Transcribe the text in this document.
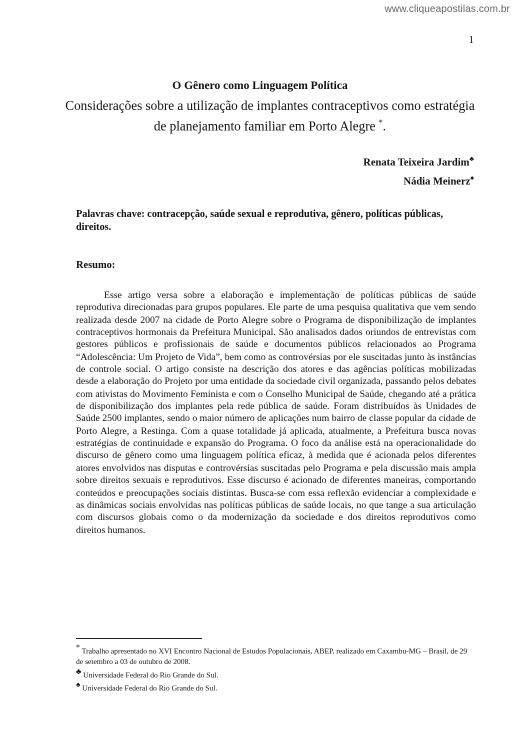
www.cliqueapostilas.com.br
1
O Gênero como Linguagem Política
Considerações sobre a utilização de implantes contraceptivos como estratégia de planejamento familiar em Porto Alegre *.
Renata Teixeira Jardim♣
Nádia Meinerz♠
Palavras chave: contracepção, saúde sexual e reprodutiva, gênero, políticas públicas, direitos.
Resumo:

Esse artigo versa sobre a elaboração e implementação de políticas públicas de saúde reprodutiva direcionadas para grupos populares. Ele parte de uma pesquisa qualitativa que vem sendo realizada desde 2007 na cidade de Porto Alegre sobre o Programa de disponibilização de implantes contraceptivos hormonais da Prefeitura Municipal. São analisados dados oriundos de entrevistas com gestores públicos e profissionais de saúde e documentos públicos relacionados ao Programa “Adolescência: Um Projeto de Vida”, bem como as controvérsias por ele suscitadas junto às instâncias de controle social. O artigo consiste na descrição dos atores e das agências políticas mobilizadas desde a elaboração do Projeto por uma entidade da sociedade civil organizada, passando pelos debates com ativistas do Movimento Feminista e com o Conselho Municipal de Saúde, chegando até a prática de disponibilização dos implantes pela rede pública de saúde. Foram distribuídos às Unidades de Saúde 2500 implantes, sendo o maior número de aplicações num bairro de classe popular da cidade de Porto Alegre, a Restinga. Com a quase totalidade já aplicada, atualmente, a Prefeitura busca novas estratégias de continuidade e expansão do Programa. O foco da análise está na operacionalidade do discurso de gênero como uma linguagem política eficaz, à medida que é acionada pelos diferentes atores envolvidos nas disputas e controvérsias suscitadas pelo Programa e pela discussão mais ampla sobre direitos sexuais e reprodutivos. Esse discurso é acionado de diferentes maneiras, comportando conteúdos e preocupações sociais distintas. Busca-se com essa reflexão evidenciar a complexidade e as dinâmicas sociais envolvidas nas políticas públicas de saúde locais, no que tange a sua articulação com discursos globais como o da modernização da sociedade e dos direitos reprodutivos como direitos humanos.

* Trabalho apresentado no XVI Encontro Nacional de Estudos Populacionais, ABEP, realizado em Caxambu-MG – Brasil, de 29 de setembro a 03 de outubro de 2008.

♣ Universidade Federal do Rio Grande do Sul.

♠ Universidade Federal do Rio Grande do Sul.
